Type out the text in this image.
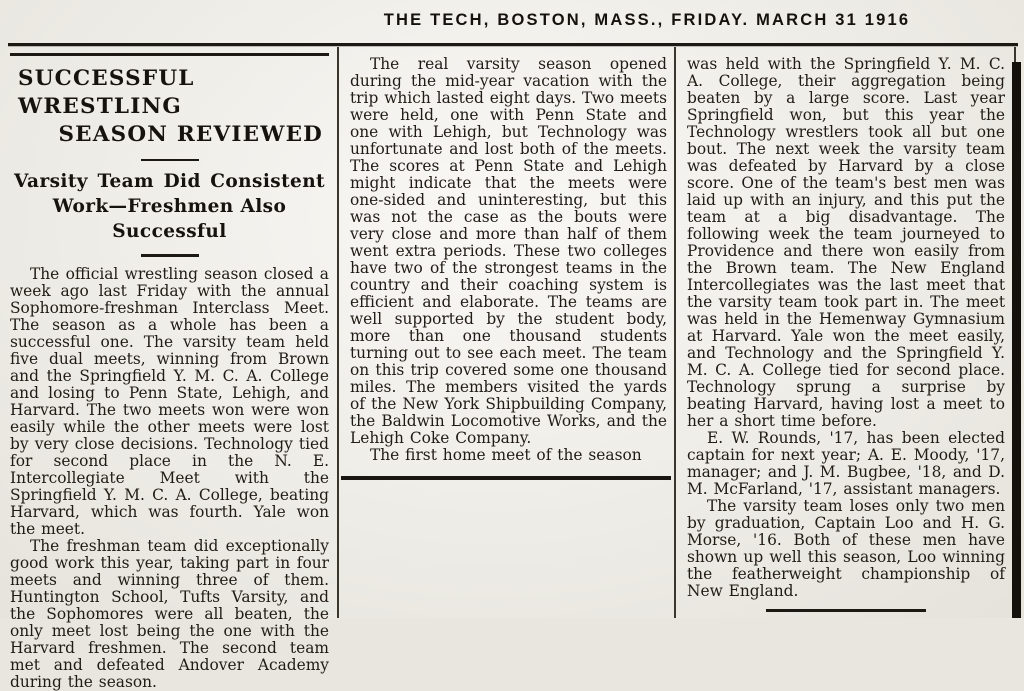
THE TECH, BOSTON, MASS., FRIDAY. MARCH 31 1916
SUCCESSFUL WRESTLING
SEASON REVIEWED
Varsity Team Did Consistent
Work—Freshmen Also
Successful

The official wrestling season closed a week ago last Friday with the annual Sophomore-freshman Interclass Meet. The season as a whole has been a successful one. The varsity team held five dual meets, winning from Brown and the Springfield Y. M. C. A. College and losing to Penn State, Lehigh, and Harvard. The two meets won were won easily while the other meets were lost by very close decisions. Technology tied for second place in the N. E. Intercollegiate Meet with the Springfield Y. M. C. A. College, beating Harvard, which was fourth. Yale won the meet.

The freshman team did exceptionally good work this year, taking part in four meets and winning three of them. Huntington School, Tufts Varsity, and the Sophomores were all beaten, the only meet lost being the one with the Harvard freshmen. The second team met and defeated Andover Academy during the season.

The real varsity season opened during the mid-year vacation with the trip which lasted eight days. Two meets were held, one with Penn State and one with Lehigh, but Technology was unfortunate and lost both of the meets. The scores at Penn State and Lehigh might indicate that the meets were one-sided and uninteresting, but this was not the case as the bouts were very close and more than half of them went extra periods. These two colleges have two of the strongest teams in the country and their coaching system is efficient and elaborate. The teams are well supported by the student body, more than one thousand students turning out to see each meet. The team on this trip covered some one thousand miles. The members visited the yards of the New York Shipbuilding Company, the Baldwin Locomotive Works, and the Lehigh Coke Company.

The first home meet of the season

was held with the Springfield Y. M. C. A. College, their aggregation being beaten by a large score. Last year Springfield won, but this year the Technology wrestlers took all but one bout. The next week the varsity team was defeated by Harvard by a close score. One of the team's best men was laid up with an injury, and this put the team at a big disadvantage. The following week the team journeyed to Providence and there won easily from the Brown team. The New England Intercollegiates was the last meet that the varsity team took part in. The meet was held in the Hemenway Gymnasium at Harvard. Yale won the meet easily, and Technology and the Springfield Y. M. C. A. College tied for second place. Technology sprung a surprise by beating Harvard, having lost a meet to her a short time before.

E. W. Rounds, '17, has been elected captain for next year; A. E. Moody, '17, manager; and J. M. Bugbee, '18, and D. M. McFarland, '17, assistant managers.

The varsity team loses only two men by graduation, Captain Loo and H. G. Morse, '16. Both of these men have shown up well this season, Loo winning the featherweight championship of New England.
